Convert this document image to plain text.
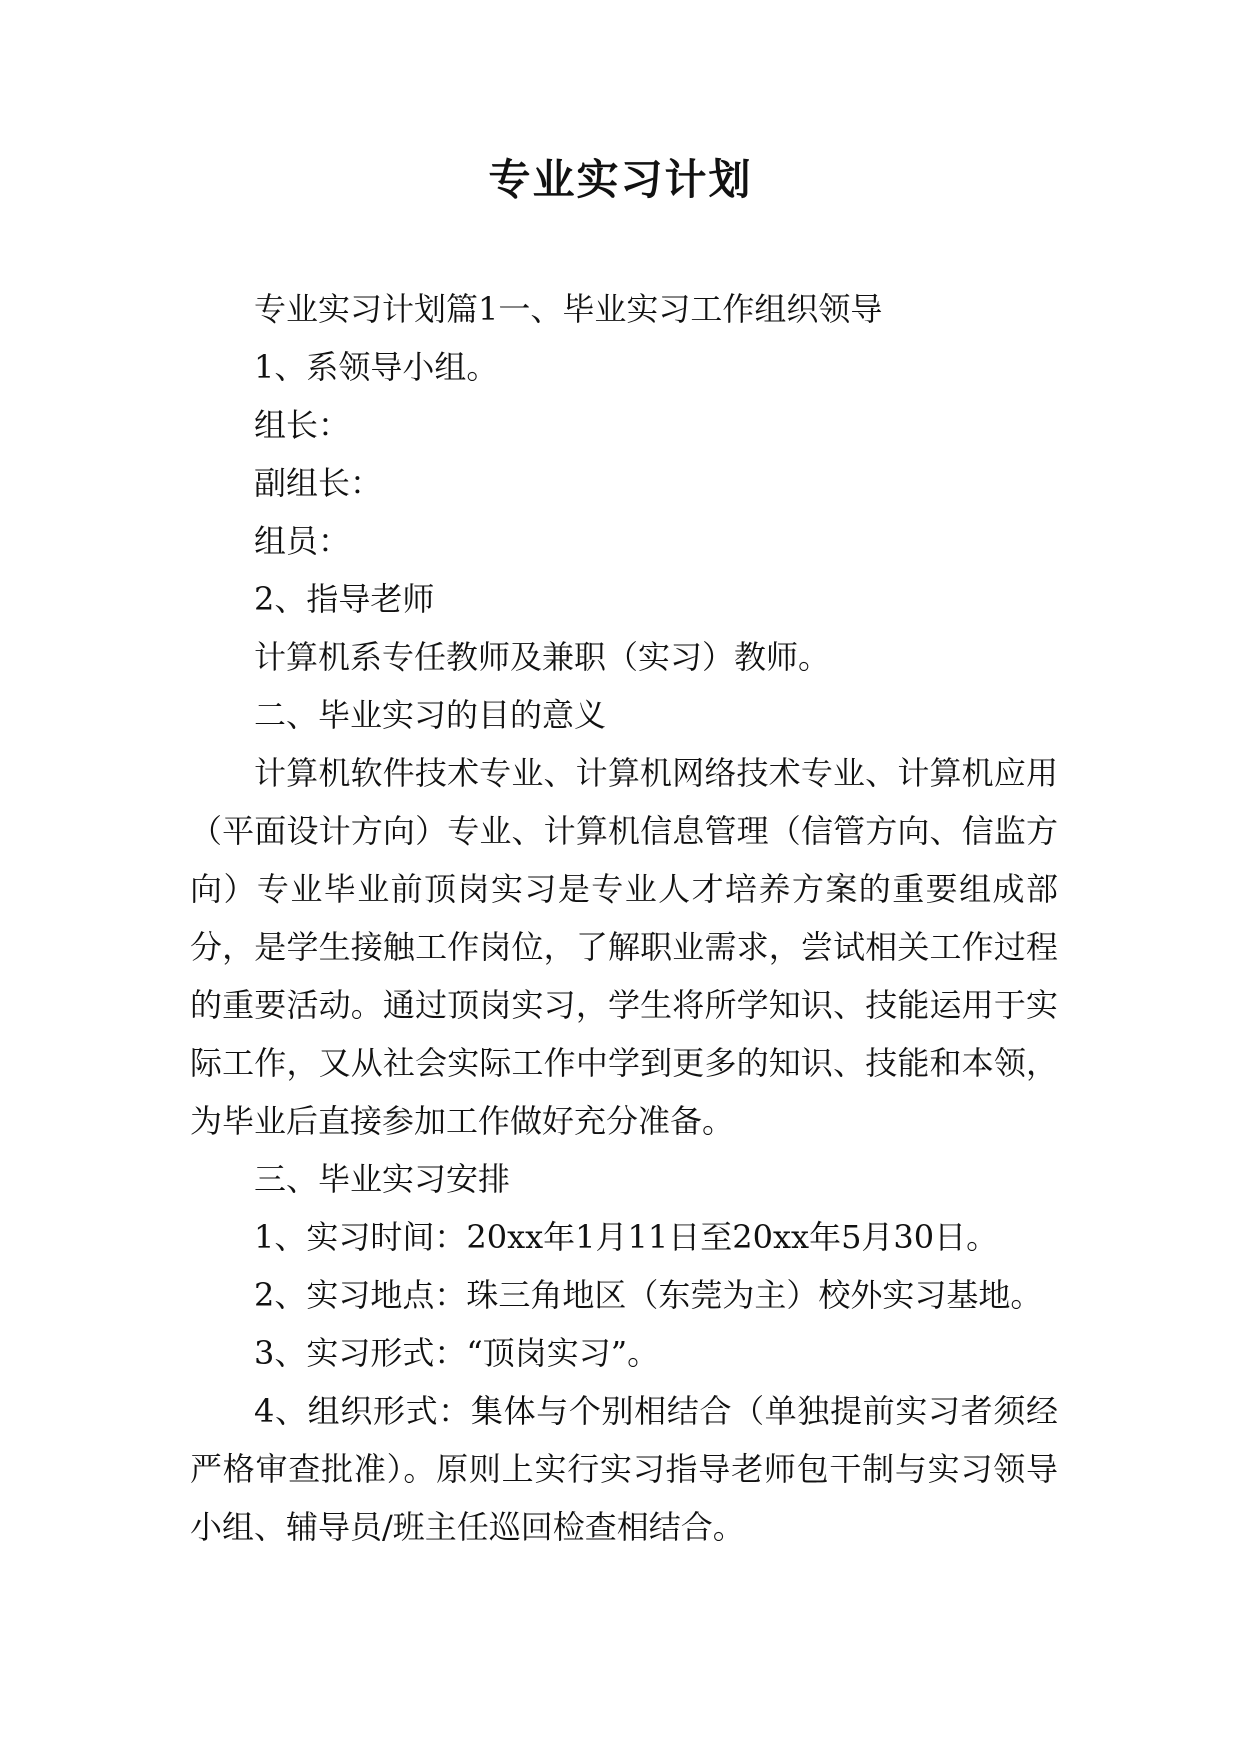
专业实习计划

专业实习计划篇1一、毕业实习工作组织领导

1、系领导小组。

组长：

副组长：

组员：

2、指导老师

计算机系专任教师及兼职（实习）教师。

二、毕业实习的目的意义

计算机软件技术专业、计算机网络技术专业、计算机应用（平面设计方向）专业、计算机信息管理（信管方向、信监方向）专业毕业前顶岗实习是专业人才培养方案的重要组成部分，是学生接触工作岗位，了解职业需求，尝试相关工作过程的重要活动。通过顶岗实习，学生将所学知识、技能运用于实际工作，又从社会实际工作中学到更多的知识、技能和本领，为毕业后直接参加工作做好充分准备。

三、毕业实习安排

1、实习时间：20xx年1月11日至20xx年5月30日。

2、实习地点：珠三角地区（东莞为主）校外实习基地。

3、实习形式：“顶岗实习”。

4、组织形式：集体与个别相结合（单独提前实习者须经严格审查批准）。原则上实行实习指导老师包干制与实习领导小组、辅导员/班主任巡回检查相结合。
